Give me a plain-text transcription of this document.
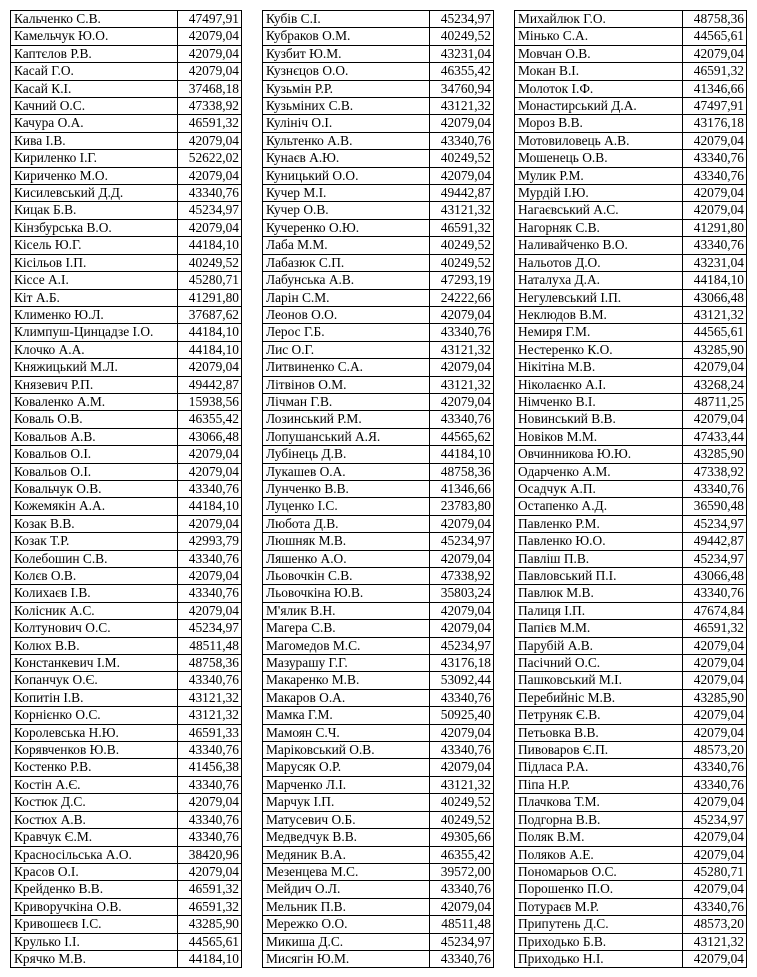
Кальченко С.В.	47497,91
Камельчук Ю.О.	42079,04
Каптєлов Р.В.	42079,04
Касай Г.О.	42079,04
Касай К.І.	37468,18
Качний О.С.	47338,92
Качура О.А.	46591,32
Кива І.В.	42079,04
Кириленко І.Г.	52622,02
Кириченко М.О.	42079,04
Кисилевський Д.Д.	43340,76
Кицак Б.В.	45234,97
Кінзбурська В.О.	42079,04
Кісель Ю.Г.	44184,10
Кісільов І.П.	40249,52
Кіссе А.І.	45280,71
Кіт А.Б.	41291,80
Клименко Ю.Л.	37687,62
Климпуш-Цинцадзе І.О.	44184,10
Клочко А.А.	44184,10
Княжицький М.Л.	42079,04
Князевич Р.П.	49442,87
Коваленко А.М.	15938,56
Коваль О.В.	46355,42
Ковальов А.В.	43066,48
Ковальов О.І.	42079,04
Ковальов О.І.	42079,04
Ковальчук О.В.	43340,76
Кожемякін А.А.	44184,10
Козак В.В.	42079,04
Козак Т.Р.	42993,79
Колебошин С.В.	43340,76
Колєв О.В.	42079,04
Колихаєв І.В.	43340,76
Колісник А.С.	42079,04
Колтунович О.С.	45234,97
Колюх В.В.	48511,48
Констанкевич І.М.	48758,36
Копанчук О.Є.	43340,76
Копитін І.В.	43121,32
Корнієнко О.С.	43121,32
Королевська Н.Ю.	46591,33
Корявченков Ю.В.	43340,76
Костенко Р.В.	41456,38
Костін А.Є.	43340,76
Костюк Д.С.	42079,04
Костюх А.В.	43340,76
Кравчук Є.М.	43340,76
Красносільська А.О.	38420,96
Красов О.І.	42079,04
Крейденко В.В.	46591,32
Криворучкіна О.В.	46591,32
Кривошеєв І.С.	43285,90
Крулько І.І.	44565,61
Крячко М.В.	44184,10
Кубів С.І.	45234,97
Кубраков О.М.	40249,52
Кузбит Ю.М.	43231,04
Кузнєцов О.О.	46355,42
Кузьмін Р.Р.	34760,94
Кузьміних С.В.	43121,32
Кулініч О.І.	42079,04
Культенко А.В.	43340,76
Кунаєв А.Ю.	40249,52
Куницький О.О.	42079,04
Кучер М.І.	49442,87
Кучер О.В.	43121,32
Кучеренко О.Ю.	46591,32
Лаба М.М.	40249,52
Лабазюк С.П.	40249,52
Лабунська А.В.	47293,19
Ларін С.М.	24222,66
Леонов О.О.	42079,04
Лерос Г.Б.	43340,76
Лис О.Г.	43121,32
Литвиненко С.А.	42079,04
Літвінов О.М.	43121,32
Лічман Г.В.	42079,04
Лозинський Р.М.	43340,76
Лопушанський А.Я.	44565,62
Лубінець Д.В.	44184,10
Лукашев О.А.	48758,36
Лунченко В.В.	41346,66
Луценко І.С.	23783,80
Любота Д.В.	42079,04
Люшняк М.В.	45234,97
Ляшенко А.О.	42079,04
Льовочкін С.В.	47338,92
Льовочкіна Ю.В.	35803,24
М'ялик В.Н.	42079,04
Магера С.В.	42079,04
Магомедов М.С.	45234,97
Мазурашу Г.Г.	43176,18
Макаренко М.В.	53092,44
Макаров О.А.	43340,76
Мамка Г.М.	50925,40
Мамоян С.Ч.	42079,04
Маріковський О.В.	43340,76
Марусяк О.Р.	42079,04
Марченко Л.І.	43121,32
Марчук І.П.	40249,52
Матусевич О.Б.	40249,52
Медведчук В.В.	49305,66
Медяник В.А.	46355,42
Мезенцева М.С.	39572,00
Мейдич О.Л.	43340,76
Мельник П.В.	42079,04
Мережко О.О.	48511,48
Микиша Д.С.	45234,97
Мисягін Ю.М.	43340,76
Михайлюк Г.О.	48758,36
Мінько С.А.	44565,61
Мовчан О.В.	42079,04
Мокан В.І.	46591,32
Молоток І.Ф.	41346,66
Монастирський Д.А.	47497,91
Мороз В.В.	43176,18
Мотовиловець А.В.	42079,04
Мошенець О.В.	43340,76
Мулик Р.М.	43340,76
Мурдій І.Ю.	42079,04
Нагаєвський А.С.	42079,04
Нагорняк С.В.	41291,80
Наливайченко В.О.	43340,76
Нальотов Д.О.	43231,04
Наталуха Д.А.	44184,10
Негулевський І.П.	43066,48
Неклюдов В.М.	43121,32
Немиря Г.М.	44565,61
Нестеренко К.О.	43285,90
Нікітіна М.В.	42079,04
Ніколаєнко А.І.	43268,24
Німченко В.І.	48711,25
Новинський В.В.	42079,04
Новіков М.М.	47433,44
Овчинникова Ю.Ю.	43285,90
Одарченко А.М.	47338,92
Осадчук А.П.	43340,76
Остапенко А.Д.	36590,48
Павленко Р.М.	45234,97
Павленко Ю.О.	49442,87
Павліш П.В.	45234,97
Павловський П.І.	43066,48
Павлюк М.В.	43340,76
Палиця І.П.	47674,84
Папієв М.М.	46591,32
Парубій А.В.	42079,04
Пасічний О.С.	42079,04
Пашковський М.І.	42079,04
Перебийніс М.В.	43285,90
Петруняк Є.В.	42079,04
Петьовка В.В.	42079,04
Пивоваров Є.П.	48573,20
Підласа Р.А.	43340,76
Піпа Н.Р.	43340,76
Плачкова Т.М.	42079,04
Подгорна В.В.	45234,97
Поляк В.М.	42079,04
Поляков А.Е.	42079,04
Пономарьов О.С.	45280,71
Порошенко П.О.	42079,04
Потураєв М.Р.	43340,76
Припутень Д.С.	48573,20
Приходько Б.В.	43121,32
Приходько Н.І.	42079,04
